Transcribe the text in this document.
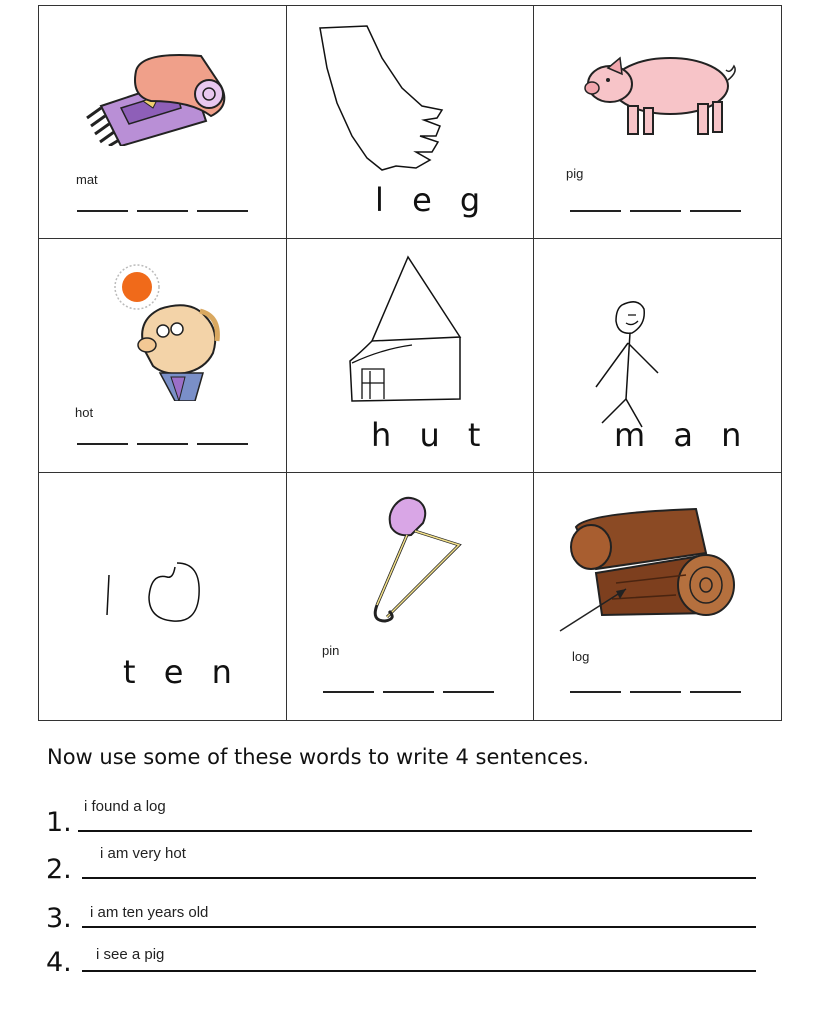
mat
l e g
pig
hot
h u t	m a n
t e n
pin	log
Now use some of these words to write 4 sentences.
1.
i found a log
2.
i am very hot
3. i am ten years old
4. i see a pig
